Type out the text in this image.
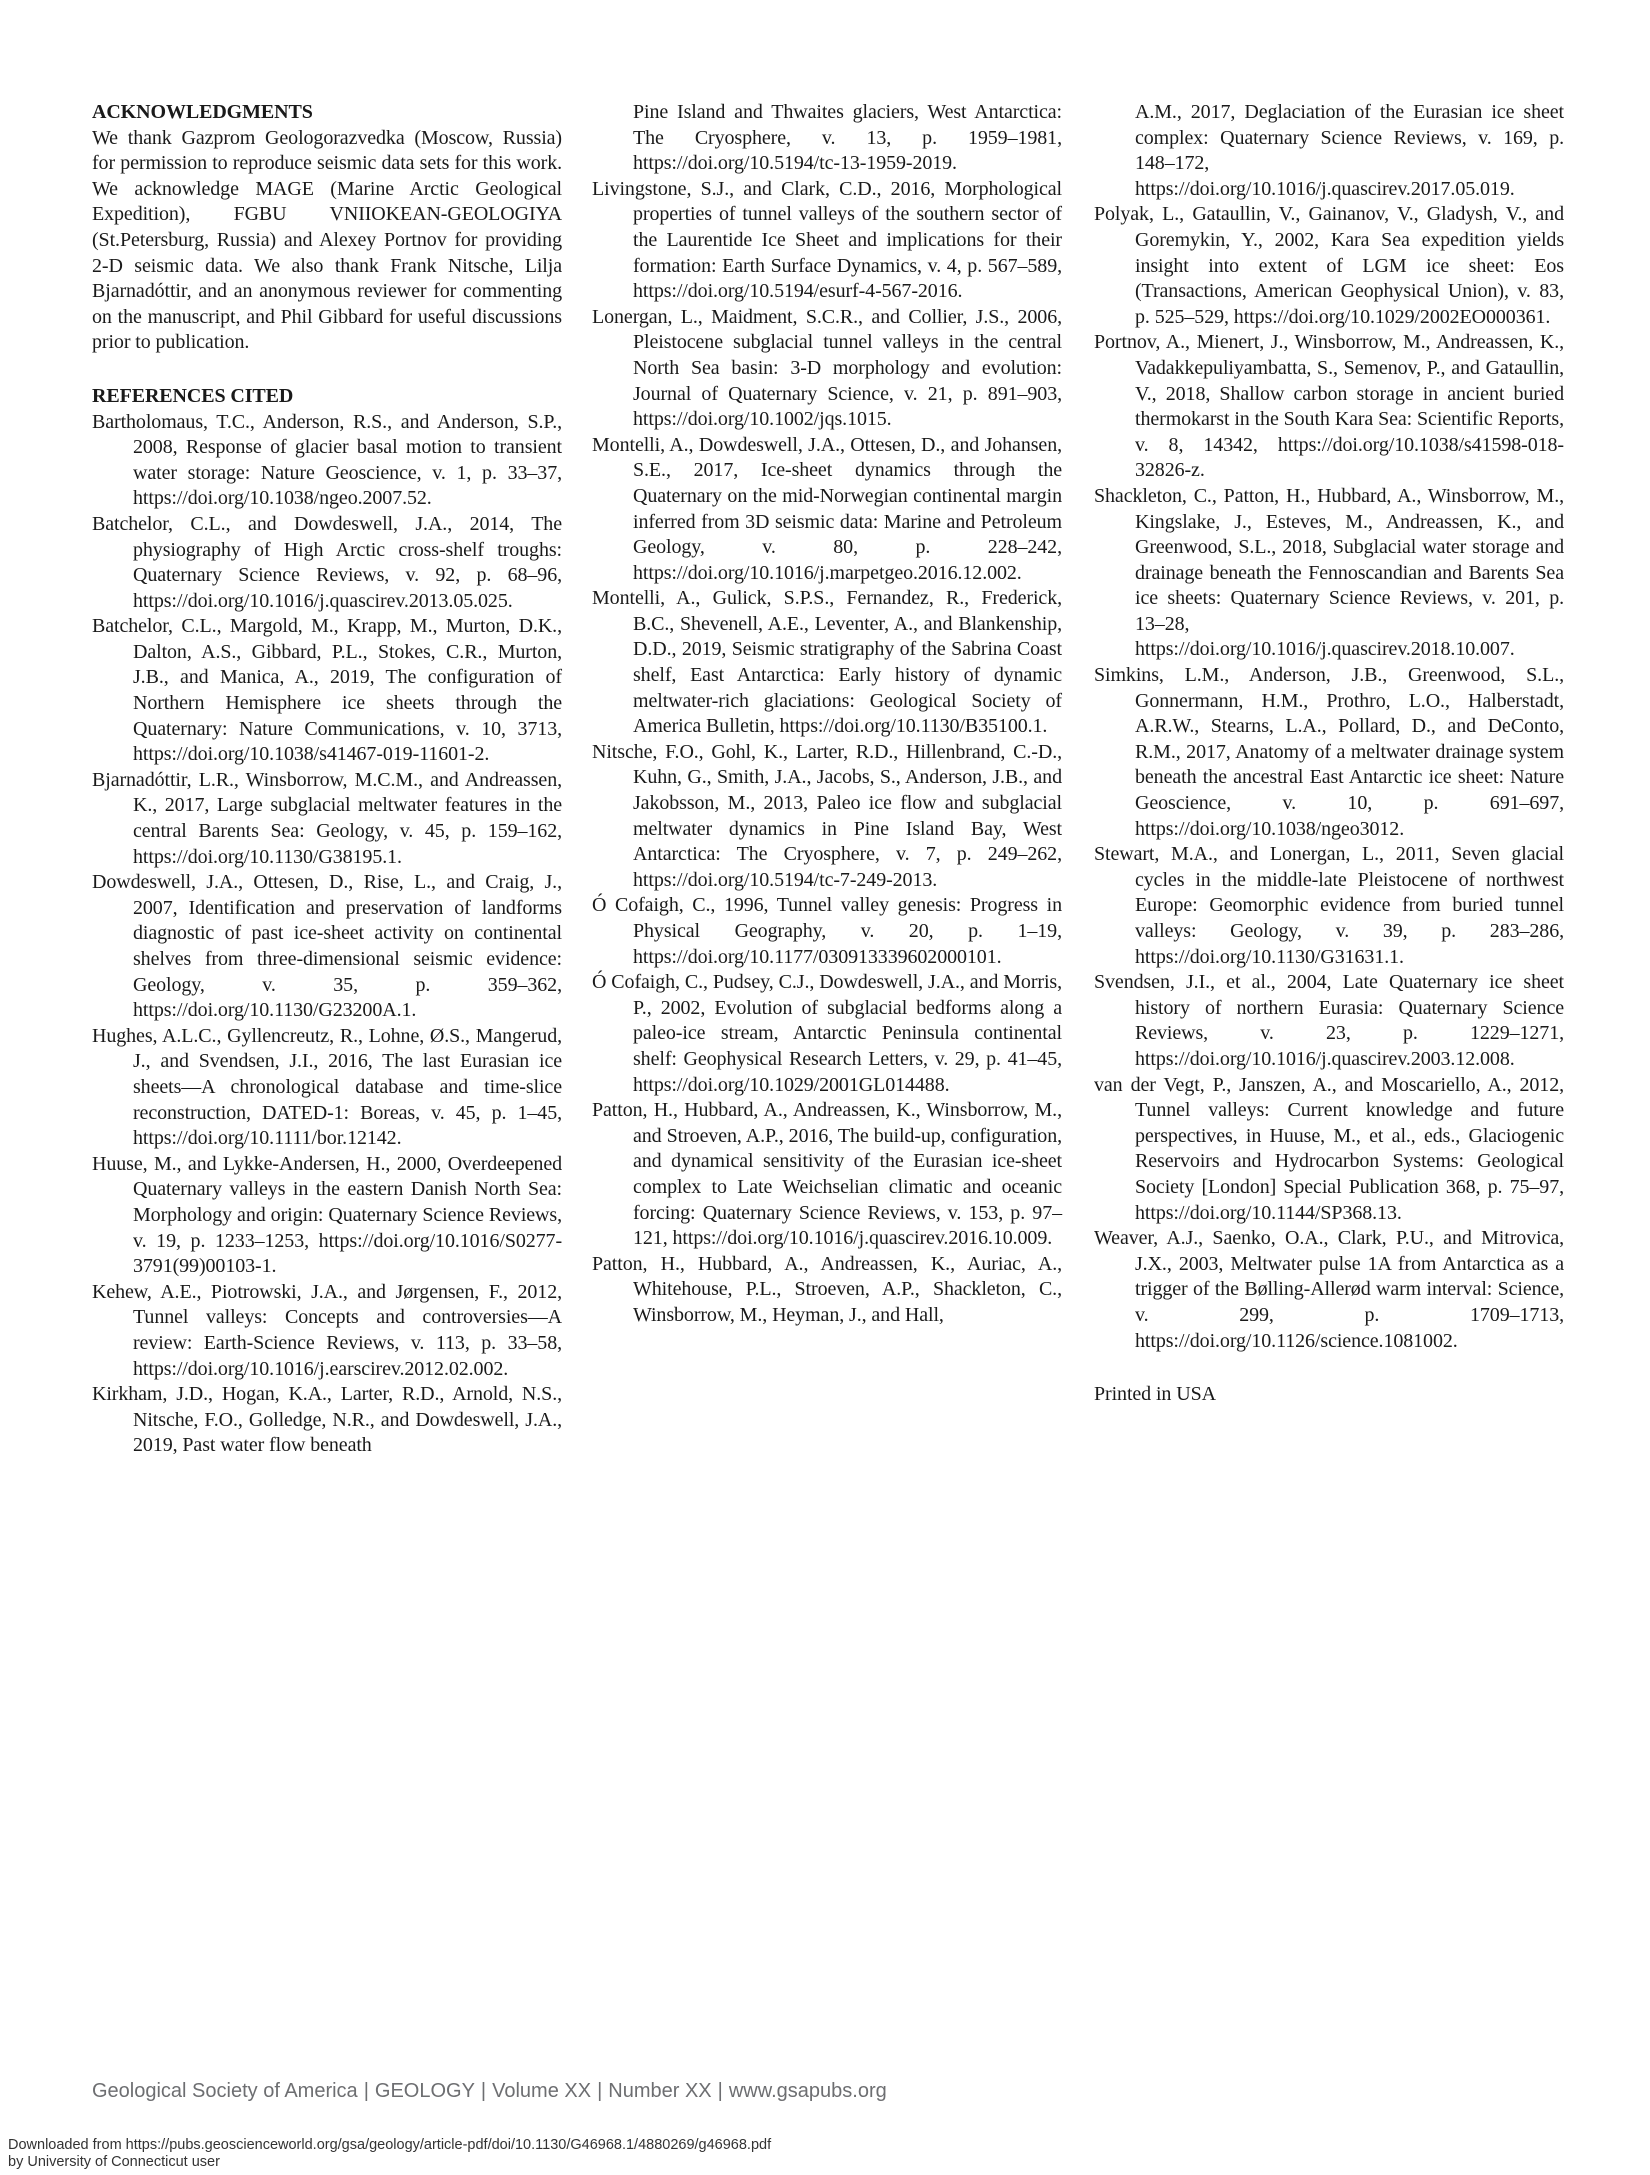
ACKNOWLEDGMENTS

We thank Gazprom Geologorazvedka (Moscow, Russia) for permission to reproduce seismic data sets for this work. We acknowledge MAGE (Marine Arctic Geological Expedition), FGBU VNIIOKEAN-GEOLOGIYA (St.Petersburg, Russia) and Alexey Portnov for providing 2-D seismic data. We also thank Frank Nitsche, Lilja Bjarnadóttir, and an anonymous reviewer for commenting on the manuscript, and Phil Gibbard for useful discussions prior to publication.

REFERENCES CITED

Bartholomaus, T.C., Anderson, R.S., and Anderson, S.P., 2008, Response of glacier basal motion to transient water storage: Nature Geoscience, v. 1, p. 33–37, https://doi.org/10.1038/ngeo.2007.52.

Batchelor, C.L., and Dowdeswell, J.A., 2014, The physiography of High Arctic cross-shelf troughs: Quaternary Science Reviews, v. 92, p. 68–96, https://doi.org/10.1016/j.quascirev.2013.05.025.

Batchelor, C.L., Margold, M., Krapp, M., Murton, D.K., Dalton, A.S., Gibbard, P.L., Stokes, C.R., Murton, J.B., and Manica, A., 2019, The configuration of Northern Hemisphere ice sheets through the Quaternary: Nature Communications, v. 10, 3713, https://doi.org/10.1038/s41467-019-11601-2.

Bjarnadóttir, L.R., Winsborrow, M.C.M., and Andreassen, K., 2017, Large subglacial meltwater features in the central Barents Sea: Geology, v. 45, p. 159–162, https://doi.org/10.1130/G38195.1.

Dowdeswell, J.A., Ottesen, D., Rise, L., and Craig, J., 2007, Identification and preservation of landforms diagnostic of past ice-sheet activity on continental shelves from three-dimensional seismic evidence: Geology, v. 35, p. 359–362, https://doi.org/10.1130/G23200A.1.

Hughes, A.L.C., Gyllencreutz, R., Lohne, Ø.S., Mangerud, J., and Svendsen, J.I., 2016, The last Eurasian ice sheets—A chronological database and time-slice reconstruction, DATED-1: Boreas, v. 45, p. 1–45, https://doi.org/10.1111/bor.12142.

Huuse, M., and Lykke-Andersen, H., 2000, Overdeepened Quaternary valleys in the eastern Danish North Sea: Morphology and origin: Quaternary Science Reviews, v. 19, p. 1233–1253, https://doi.org/10.1016/S0277-3791(99)00103-1.

Kehew, A.E., Piotrowski, J.A., and Jørgensen, F., 2012, Tunnel valleys: Concepts and controversies—A review: Earth-Science Reviews, v. 113, p. 33–58, https://doi.org/10.1016/j.earscirev.2012.02.002.

Kirkham, J.D., Hogan, K.A., Larter, R.D., Arnold, N.S., Nitsche, F.O., Golledge, N.R., and Dowdeswell, J.A., 2019, Past water flow beneath

Pine Island and Thwaites glaciers, West Antarctica: The Cryosphere, v. 13, p. 1959–1981, https://doi.org/10.5194/tc-13-1959-2019.

Livingstone, S.J., and Clark, C.D., 2016, Morphological properties of tunnel valleys of the southern sector of the Laurentide Ice Sheet and implications for their formation: Earth Surface Dynamics, v. 4, p. 567–589, https://doi.org/10.5194/esurf-4-567-2016.

Lonergan, L., Maidment, S.C.R., and Collier, J.S., 2006, Pleistocene subglacial tunnel valleys in the central North Sea basin: 3-D morphology and evolution: Journal of Quaternary Science, v. 21, p. 891–903, https://doi.org/10.1002/jqs.1015.

Montelli, A., Dowdeswell, J.A., Ottesen, D., and Johansen, S.E., 2017, Ice-sheet dynamics through the Quaternary on the mid-Norwegian continental margin inferred from 3D seismic data: Marine and Petroleum Geology, v. 80, p. 228–242, https://doi.org/10.1016/j.marpetgeo.2016.12.002.

Montelli, A., Gulick, S.P.S., Fernandez, R., Frederick, B.C., Shevenell, A.E., Leventer, A., and Blankenship, D.D., 2019, Seismic stratigraphy of the Sabrina Coast shelf, East Antarctica: Early history of dynamic meltwater-rich glaciations: Geological Society of America Bulletin, https://doi.org/10.1130/B35100.1.

Nitsche, F.O., Gohl, K., Larter, R.D., Hillenbrand, C.-D., Kuhn, G., Smith, J.A., Jacobs, S., Anderson, J.B., and Jakobsson, M., 2013, Paleo ice flow and subglacial meltwater dynamics in Pine Island Bay, West Antarctica: The Cryosphere, v. 7, p. 249–262, https://doi.org/10.5194/tc-7-249-2013.

Ó Cofaigh, C., 1996, Tunnel valley genesis: Progress in Physical Geography, v. 20, p. 1–19, https://doi.org/10.1177/030913339602000101.

Ó Cofaigh, C., Pudsey, C.J., Dowdeswell, J.A., and Morris, P., 2002, Evolution of subglacial bedforms along a paleo-ice stream, Antarctic Peninsula continental shelf: Geophysical Research Letters, v. 29, p. 41–45, https://doi.org/10.1029/2001GL014488.

Patton, H., Hubbard, A., Andreassen, K., Winsborrow, M., and Stroeven, A.P., 2016, The build-up, configuration, and dynamical sensitivity of the Eurasian ice-sheet complex to Late Weichselian climatic and oceanic forcing: Quaternary Science Reviews, v. 153, p. 97–121, https://doi.org/10.1016/j.quascirev.2016.10.009.

Patton, H., Hubbard, A., Andreassen, K., Auriac, A., Whitehouse, P.L., Stroeven, A.P., Shackleton, C., Winsborrow, M., Heyman, J., and Hall,

A.M., 2017, Deglaciation of the Eurasian ice sheet complex: Quaternary Science Reviews, v. 169, p. 148–172, https://doi.org/10.1016/j.quascirev.2017.05.019.

Polyak, L., Gataullin, V., Gainanov, V., Gladysh, V., and Goremykin, Y., 2002, Kara Sea expedition yields insight into extent of LGM ice sheet: Eos (Transactions, American Geophysical Union), v. 83, p. 525–529, https://doi.org/10.1029/2002EO000361.

Portnov, A., Mienert, J., Winsborrow, M., Andreassen, K., Vadakkepuliyambatta, S., Semenov, P., and Gataullin, V., 2018, Shallow carbon storage in ancient buried thermokarst in the South Kara Sea: Scientific Reports, v. 8, 14342, https://doi.org/10.1038/s41598-018-32826-z.

Shackleton, C., Patton, H., Hubbard, A., Winsborrow, M., Kingslake, J., Esteves, M., Andreassen, K., and Greenwood, S.L., 2018, Subglacial water storage and drainage beneath the Fennoscandian and Barents Sea ice sheets: Quaternary Science Reviews, v. 201, p. 13–28, https://doi.org/10.1016/j.quascirev.2018.10.007.

Simkins, L.M., Anderson, J.B., Greenwood, S.L., Gonnermann, H.M., Prothro, L.O., Halberstadt, A.R.W., Stearns, L.A., Pollard, D., and DeConto, R.M., 2017, Anatomy of a meltwater drainage system beneath the ancestral East Antarctic ice sheet: Nature Geoscience, v. 10, p. 691–697, https://doi.org/10.1038/ngeo3012.

Stewart, M.A., and Lonergan, L., 2011, Seven glacial cycles in the middle-late Pleistocene of northwest Europe: Geomorphic evidence from buried tunnel valleys: Geology, v. 39, p. 283–286, https://doi.org/10.1130/G31631.1.

Svendsen, J.I., et al., 2004, Late Quaternary ice sheet history of northern Eurasia: Quaternary Science Reviews, v. 23, p. 1229–1271, https://doi.org/10.1016/j.quascirev.2003.12.008.

van der Vegt, P., Janszen, A., and Moscariello, A., 2012, Tunnel valleys: Current knowledge and future perspectives, in Huuse, M., et al., eds., Glaciogenic Reservoirs and Hydrocarbon Systems: Geological Society [London] Special Publication 368, p. 75–97, https://doi.org/10.1144/SP368.13.

Weaver, A.J., Saenko, O.A., Clark, P.U., and Mitrovica, J.X., 2003, Meltwater pulse 1A from Antarctica as a trigger of the Bølling-Allerød warm interval: Science, v. 299, p. 1709–1713, https://doi.org/10.1126/science.1081002.

Printed in USA

Geological Society of America | GEOLOGY | Volume XX | Number XX | www.gsapubs.org
Downloaded from https://pubs.geoscienceworld.org/gsa/geology/article-pdf/doi/10.1130/G46968.1/4880269/g46968.pdf
by University of Connecticut user
